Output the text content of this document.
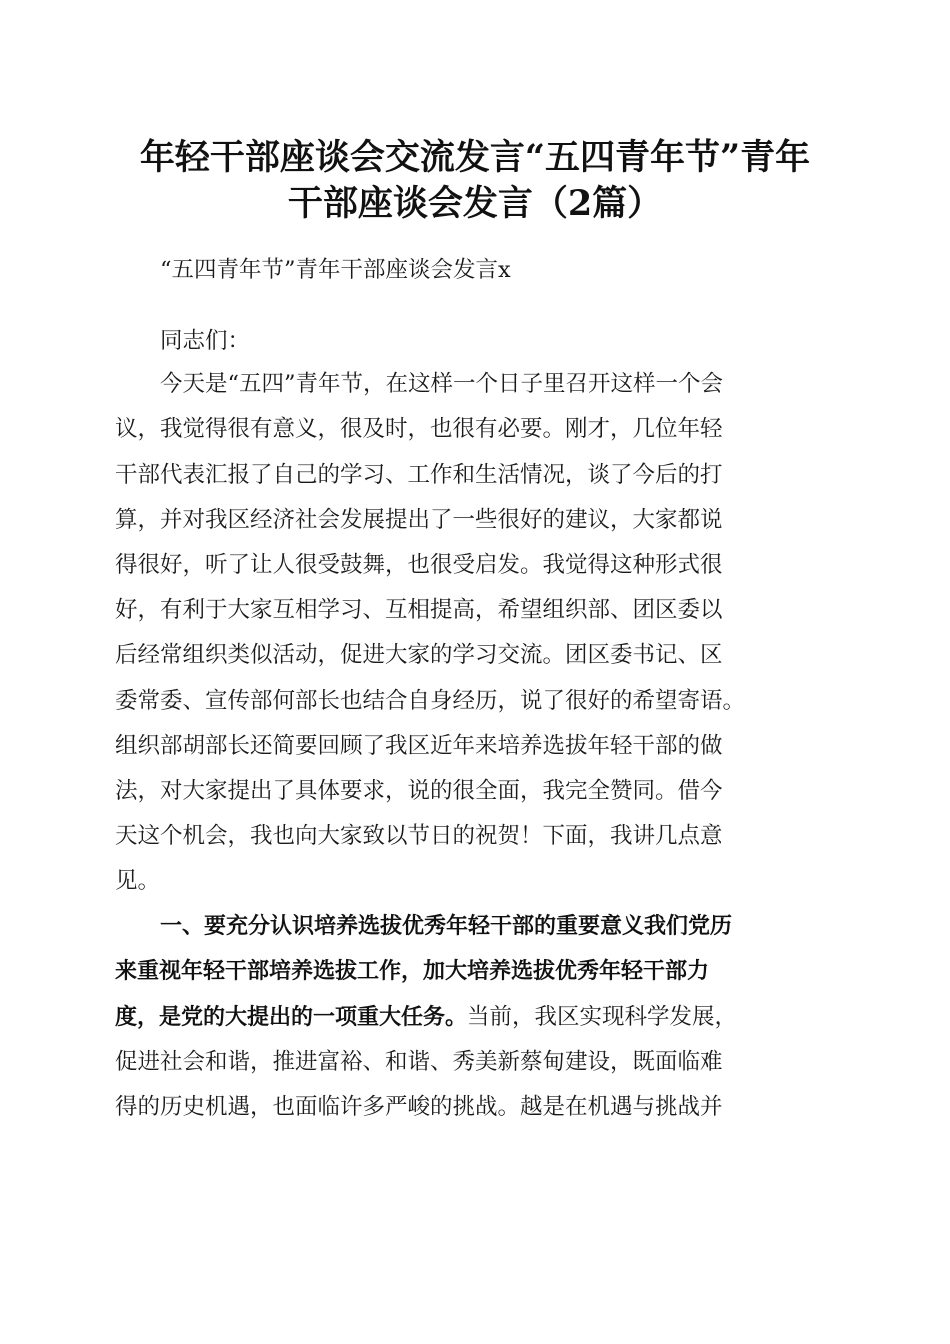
年轻干部座谈会交流发言“五四青年节”青年
干部座谈会发言（2篇）
“五四青年节”青年干部座谈会发言x
同志们：
今天是“五四”青年节，在这样一个日子里召开这样一个会
议，我觉得很有意义，很及时，也很有必要。刚才，几位年轻
干部代表汇报了自己的学习、工作和生活情况，谈了今后的打
算，并对我区经济社会发展提出了一些很好的建议，大家都说
得很好，听了让人很受鼓舞，也很受启发。我觉得这种形式很
好，有利于大家互相学习、互相提高，希望组织部、团区委以
后经常组织类似活动，促进大家的学习交流。团区委书记、区
委常委、宣传部何部长也结合自身经历，说了很好的希望寄语。
组织部胡部长还简要回顾了我区近年来培养选拔年轻干部的做
法，对大家提出了具体要求，说的很全面，我完全赞同。借今
天这个机会，我也向大家致以节日的祝贺！下面，我讲几点意
见。
一、要充分认识培养选拔优秀年轻干部的重要意义我们党历
来重视年轻干部培养选拔工作，加大培养选拔优秀年轻干部力
度，是党的大提出的一项重大任务。当前，我区实现科学发展，
促进社会和谐，推进富裕、和谐、秀美新蔡甸建设，既面临难
得的历史机遇，也面临许多严峻的挑战。越是在机遇与挑战并
